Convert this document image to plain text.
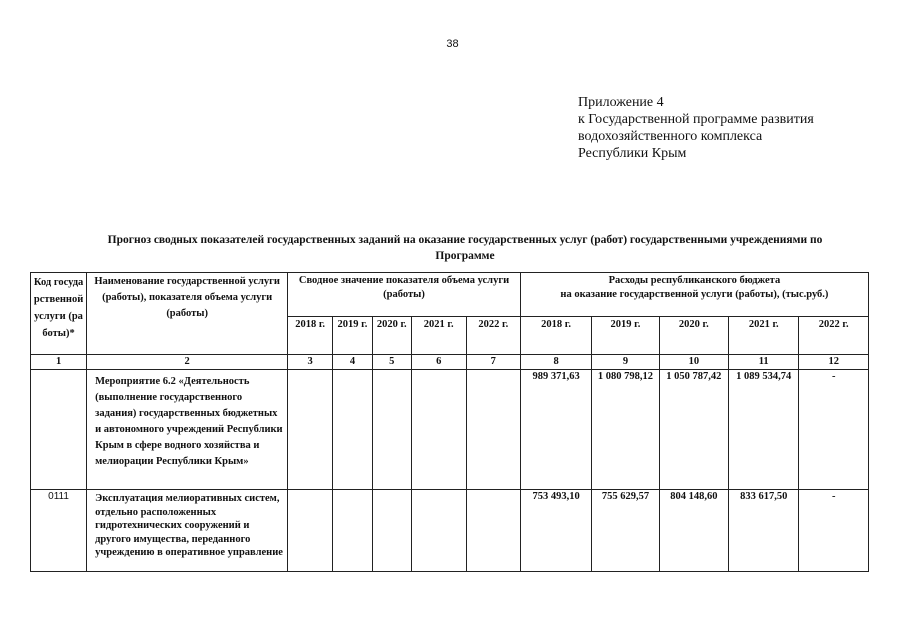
38
Приложение 4
к Государственной программе развития
водохозяйственного комплекса
Республики Крым
Прогноз сводных показателей государственных заданий на оказание государственных услуг (работ) государственными учреждениями по
Программе
Код государственной услуги (работы)*	Наименование государственной услуги (работы), показателя объема услуги (работы)	Сводное значение показателя объема услуги (работы)					Расходы республиканского бюджета
на оказание государственной услуги (работы), (тыс.руб.)				

		2018 г.	2019 г.	2020 г.	2021 г.	2022 г.	2018 г.	2019 г.	2020 г.	2021 г.	2022 г.
1	2	3	4	5	6	7	8	9	10	11	12
	Мероприятие 6.2 «Деятельность (выполнение государственного задания) государственных бюджетных и автономного учреждений Республики Крым в сфере водного хозяйства и мелиорации Республики Крым»						989 371,63	1 080 798,12	1 050 787,42	1 089 534,74	-
0111	Эксплуатация мелиоративных систем, отдельно расположенных гидротехнических сооружений и другого имущества, переданного учреждению в оперативное управление						753 493,10	755 629,57	804 148,60	833 617,50	-
